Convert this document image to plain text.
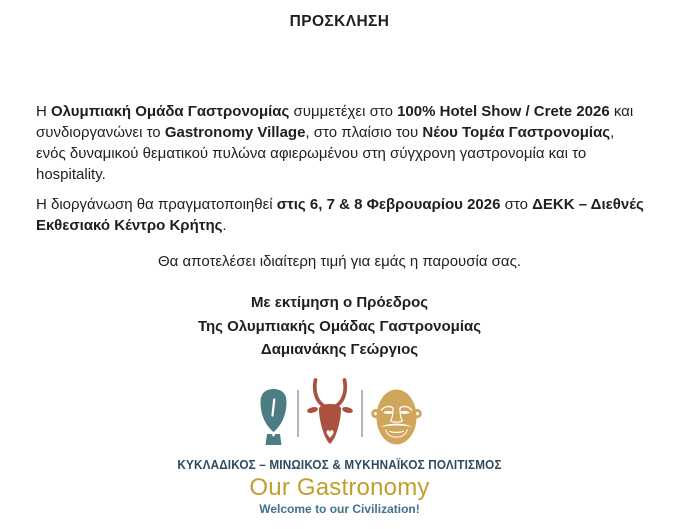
ΠΡΟΣΚΛΗΣΗ
Η Ολυμπιακή Ομάδα Γαστρονομίας συμμετέχει στο 100% Hotel Show / Crete 2026 και
συνδιοργανώνει το Gastronomy Village, στο πλαίσιο του Νέου Τομέα Γαστρονομίας,
ενός δυναμικού θεματικού πυλώνα αφιερωμένου στη σύγχρονη γαστρονομία και το
hospitality.
Η διοργάνωση θα πραγματοποιηθεί στις 6, 7 & 8 Φεβρουαρίου 2026 στο ΔΕΚΚ – Διεθνές
Εκθεσιακό Κέντρο Κρήτης.
Θα αποτελέσει ιδιαίτερη τιμή για εμάς η παρουσία σας.
Με εκτίμηση ο Πρόεδρος
Της Ολυμπιακής Ομάδας Γαστρονομίας
Δαμιανάκης Γεώργιος
ΚΥΚΛΑΔΙΚΟΣ – ΜΙΝΩΙΚΟΣ & ΜΥΚΗΝΑΪΚΟΣ ΠΟΛΙΤΙΣΜΟΣ
Our Gastronomy
Welcome to our Civilization!
